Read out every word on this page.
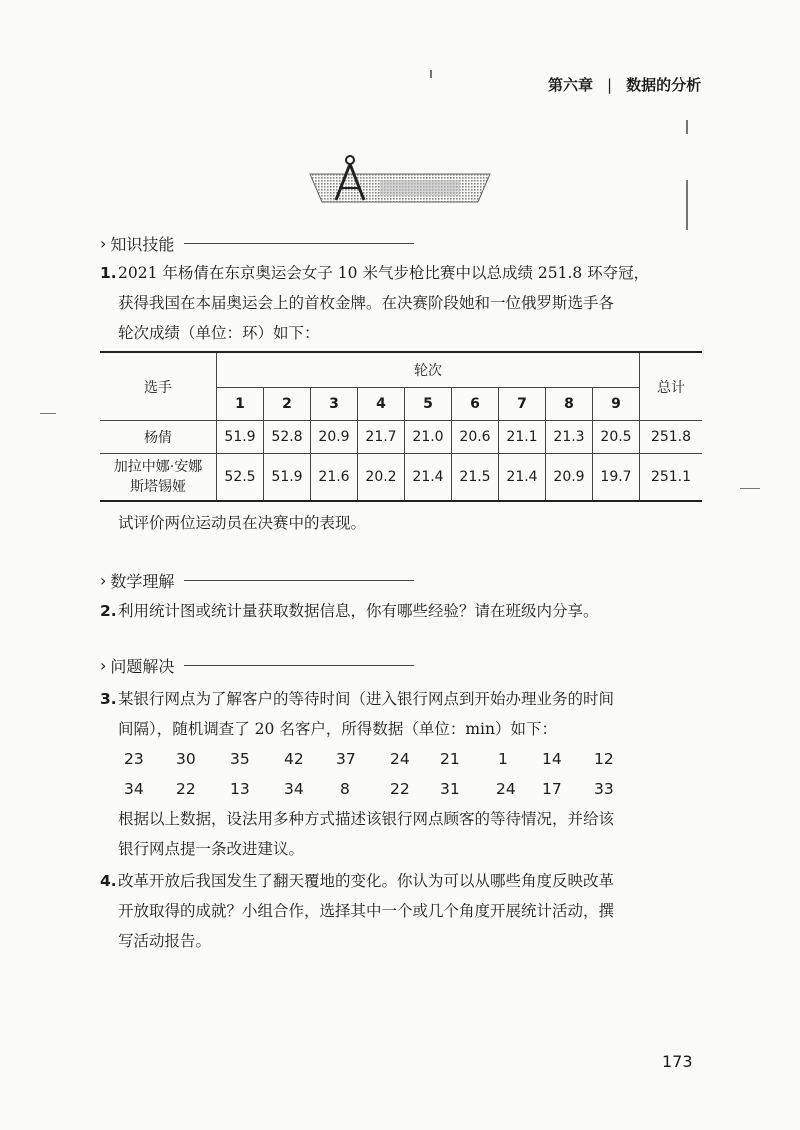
第六章 | 数据的分析
› 知识技能
1. 2021 年杨倩在东京奥运会女子 10 米气步枪比赛中以总成绩 251.8 环夺冠，
获得我国在本届奥运会上的首枚金牌。在决赛阶段她和一位俄罗斯选手各
轮次成绩（单位：环）如下：
选手	轮次									总计
	1	2	3	4	5	6	7	8	9	
杨倩	51.9	52.8	20.9	21.7	21.0	20.6	21.1	21.3	20.5	251.8

加拉中娜·安娜
斯塔锡娅	52.5	51.9	21.6	20.2	21.4	21.5	21.4	20.9	19.7	251.1
试评价两位运动员在决赛中的表现。
› 数学理解
2. 利用统计图或统计量获取数据信息，你有哪些经验？请在班级内分享。
› 问题解决
3. 某银行网点为了解客户的等待时间（进入银行网点到开始办理业务的时间
间隔），随机调查了 20 名客户，所得数据（单位：min）如下：
23 30 35 42 37 24 21 1 14 12
34 22 13 34 8	22 31 24 17 33
根据以上数据，设法用多种方式描述该银行网点顾客的等待情况，并给该
银行网点提一条改进建议。
4. 改革开放后我国发生了翻天覆地的变化。你认为可以从哪些角度反映改革
开放取得的成就？小组合作，选择其中一个或几个角度开展统计活动，撰
写活动报告。
173
